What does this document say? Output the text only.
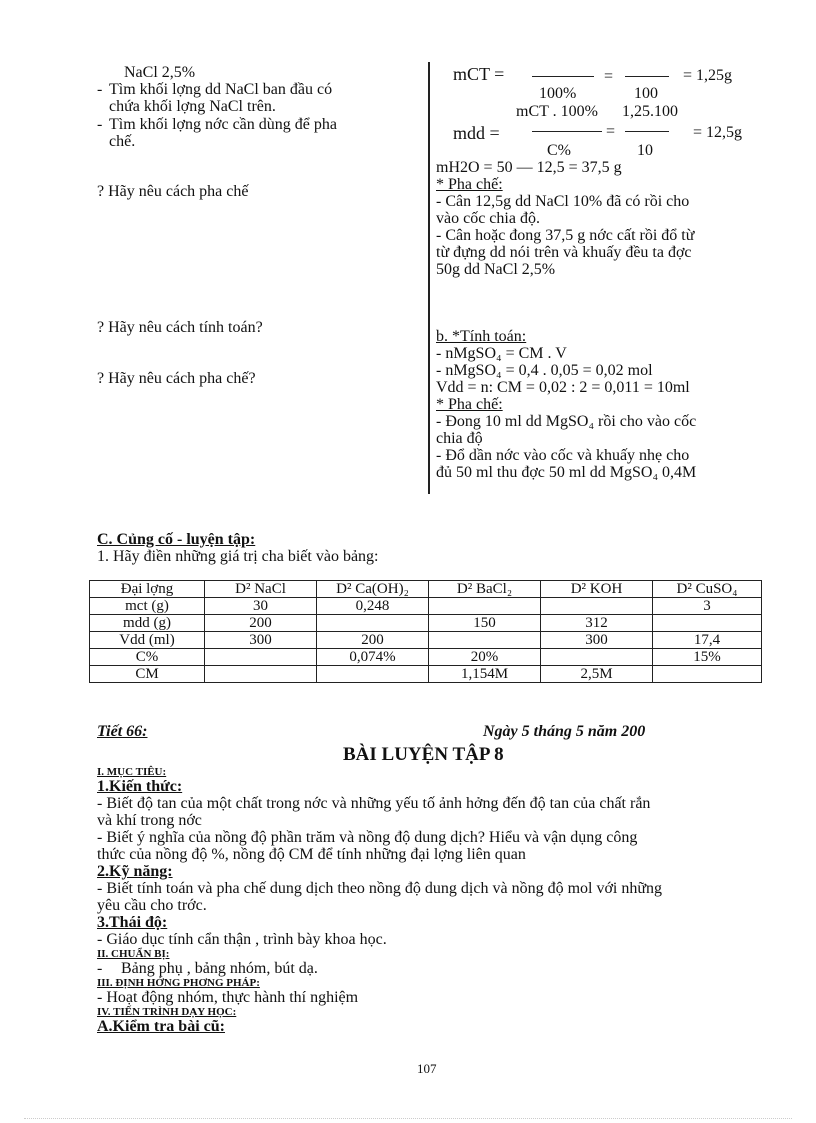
NaCl 2,5%
- Tìm khối lợng dd NaCl ban đầu có
chứa khối lợng NaCl trên.
- Tìm khối lợng nớc cần dùng để pha
chế.
? Hãy nêu cách pha chế
? Hãy nêu cách tính toán?
? Hãy nêu cách pha chế?
mCT =	=	= 1,25g
100%	100
mCT . 100% 1,25.100
mdd =	=	= 12,5g
C%	10
mH2O = 50 — 12,5 = 37,5 g
* Pha chế:
- Cân 12,5g dd NaCl 10% đã có rồi cho
vào cốc chia độ.
- Cân hoặc đong 37,5 g nớc cất rồi đổ từ
từ đựng dd nói trên và khuấy đều ta đợc
50g dd NaCl 2,5%
b. *Tính toán:
- nMgSO₄ = CM . V
- nMgSO₄ = 0,4 . 0,05 = 0,02 mol
Vdd = n: CM = 0,02 : 2 = 0,011 = 10ml
* Pha chế:
- Đong 10 ml dd MgSO₄ rồi cho vào cốc
chia độ
- Đổ dần nớc vào cốc và khuấy nhẹ cho
đủ 50 ml thu đợc 50 ml dd MgSO₄ 0,4M
C. Củng cố - luyện tập:
1. Hãy điền những giá trị cha biết vào bảng:
Đại lợng	D² NaCl	D² Ca(OH)₂	D² BaCl₂	D² KOH	D² CuSO₄
mct (g)	30	0,248			3
mdd (g)	200		150	312	
Vdd (ml)	300	200		300	17,4
C%		0,074%	20%		15%
CM			1,154M	2,5M	
Tiết 66:	Ngày 5 tháng 5 năm 200
BÀI LUYỆN TẬP 8
I. MỤC TIÊU:
1.Kiến thức:
- Biết độ tan của một chất trong nớc và những yếu tố ảnh hởng đến độ tan của chất rắn
và khí trong nớc
- Biết ý nghĩa của nồng độ phần trăm và nồng độ dung dịch? Hiểu và vận dụng công
thức của nồng độ %, nồng độ CM để tính những đại lợng liên quan
2.Kỹ năng:
- Biết tính toán và pha chế dung dịch theo nồng độ dung dịch và nồng độ mol với những
yêu cầu cho trớc.
3.Thái độ:
- Giáo dục tính cẩn thận , trình bày khoa học.
II. CHUẨN BỊ:
- Bảng phụ , bảng nhóm, bút dạ.
III. ĐỊNH HỚNG PHƠNG PHÁP:
- Hoạt động nhóm, thực hành thí nghiệm
IV. TIẾN TRÌNH DẠY HỌC:
A.Kiểm tra bài cũ:
107
